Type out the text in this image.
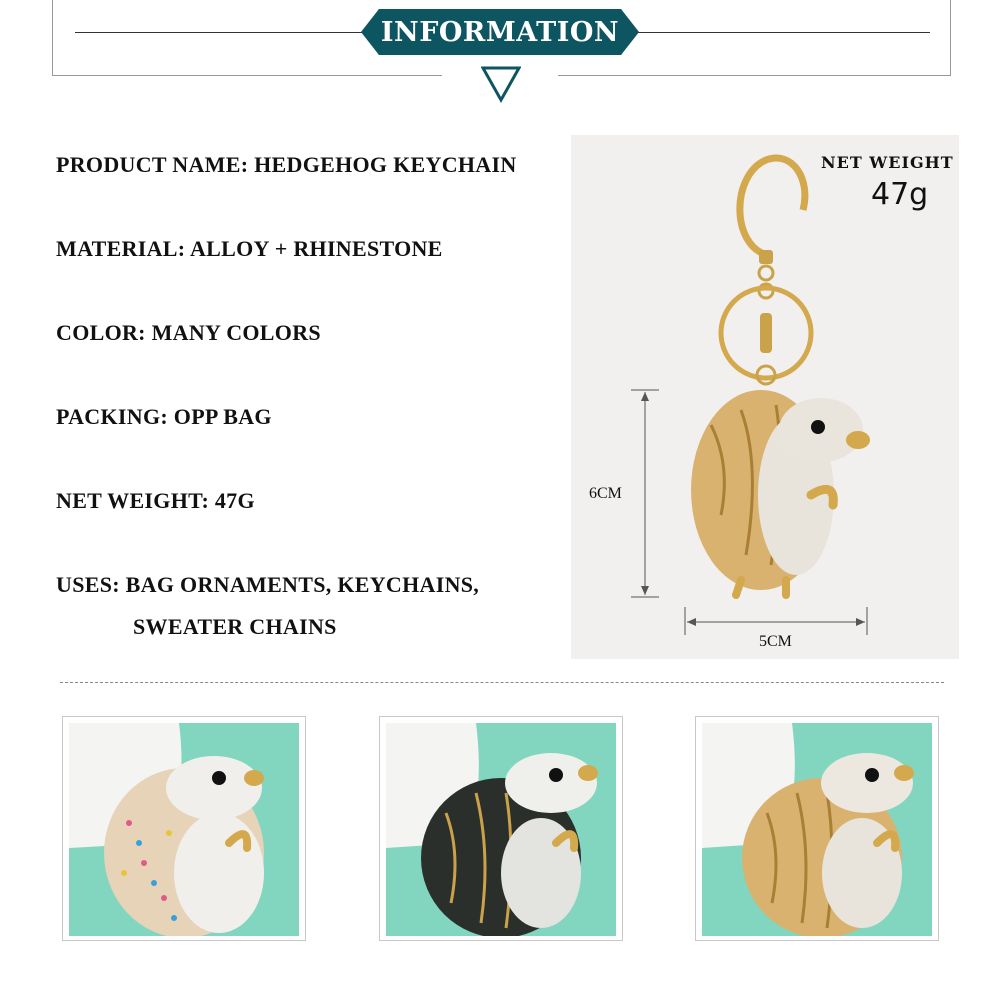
INFORMATION
PRODUCT NAME: HEDGEHOG KEYCHAIN
MATERIAL: ALLOY + RHINESTONE
COLOR: MANY COLORS
PACKING: OPP BAG
NET WEIGHT: 47G
USES: BAG ORNAMENTS, KEYCHAINS,
SWEATER CHAINS
NET WEIGHT
47g
6CM
5CM
